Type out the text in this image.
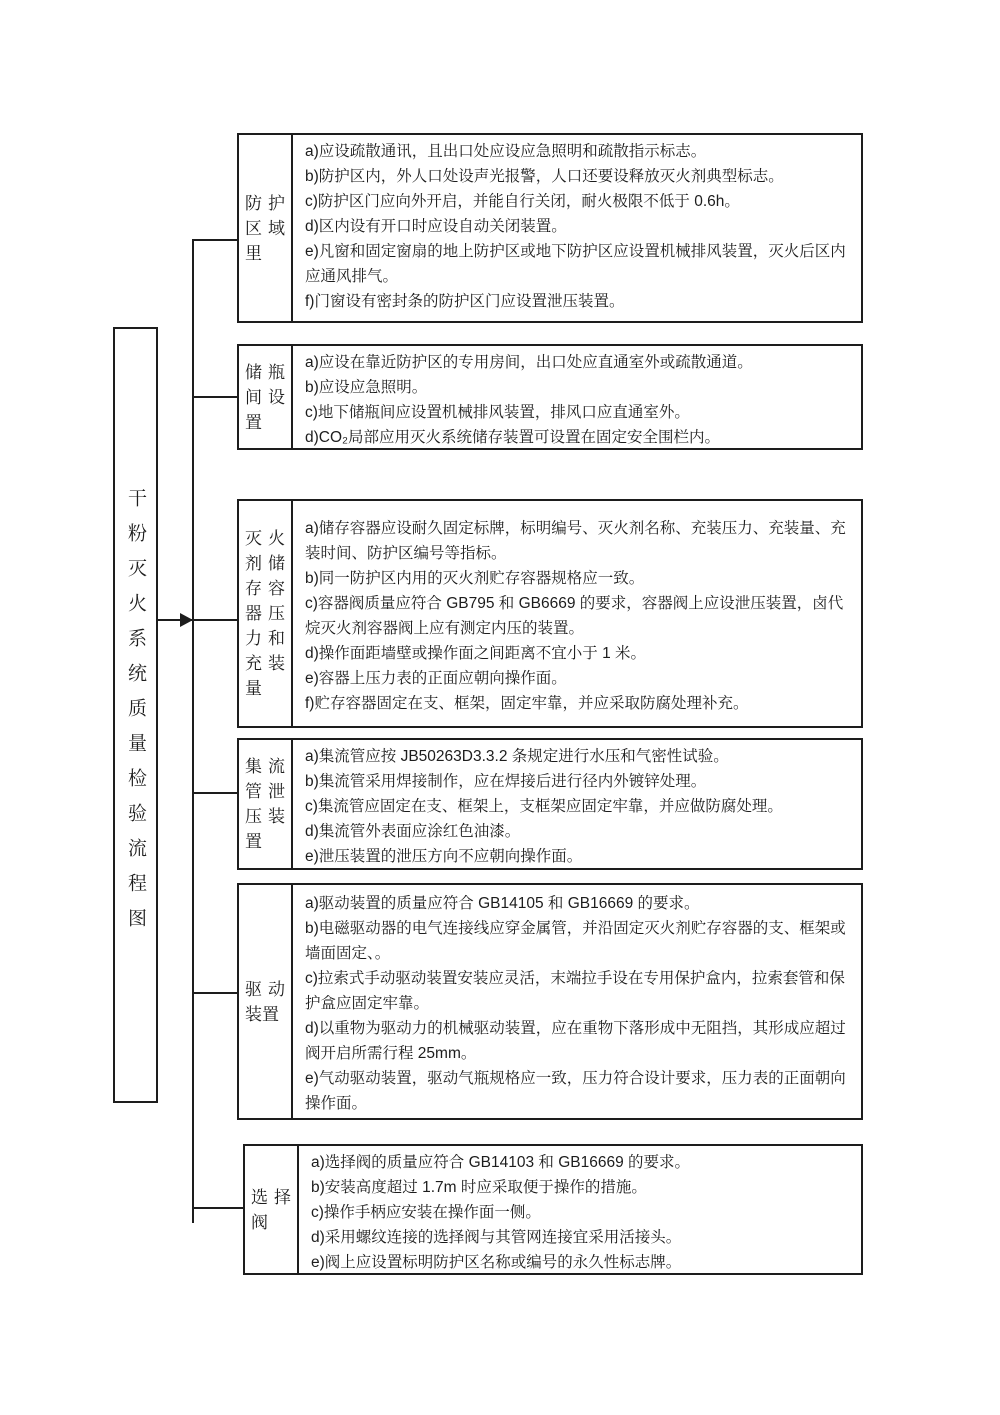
干粉灭火系统质量检验流程图
防护区域里
a)应设疏散通讯，且出口处应设应急照明和疏散指示标志。
b)防护区内，外人口处设声光报警，人口还要设释放灭火剂典型标志。
c)防护区门应向外开启，并能自行关闭，耐火极限不低于 0.6h。
d)区内设有开口时应设自动关闭装置。
e)凡窗和固定窗扇的地上防护区或地下防护区应设置机械排风装置，灭火后区内应通风排气。
f)门窗设有密封条的防护区门应设置泄压装置。
储瓶间设置
a)应设在靠近防护区的专用房间，出口处应直通室外或疏散通道。
b)应设应急照明。
c)地下储瓶间应设置机械排风装置，排风口应直通室外。
d)CO₂局部应用灭火系统储存装置可设置在固定安全围栏内。
灭火剂储存容器压力和充装量
a)储存容器应设耐久固定标牌，标明编号、灭火剂名称、充装压力、充装量、充装时间、防护区编号等指标。
b)同一防护区内用的灭火剂贮存容器规格应一致。
c)容器阀质量应符合 GB795 和 GB6669 的要求，容器阀上应设泄压装置，卤代烷灭火剂容器阀上应有测定内压的装置。
d)操作面距墙壁或操作面之间距离不宜小于 1 米。
e)容器上压力表的正面应朝向操作面。
f)贮存容器固定在支、框架，固定牢靠，并应采取防腐处理补充。
集流管泄压装置
a)集流管应按 JB50263D3.3.2 条规定进行水压和气密性试验。
b)集流管采用焊接制作，应在焊接后进行径内外镀锌处理。
c)集流管应固定在支、框架上，支框架应固定牢靠，并应做防腐处理。
d)集流管外表面应涂红色油漆。
e)泄压装置的泄压方向不应朝向操作面。
驱动装置
a)驱动装置的质量应符合 GB14105 和 GB16669 的要求。
b)电磁驱动器的电气连接线应穿金属管，并沿固定灭火剂贮存容器的支、框架或墙面固定、。
c)拉索式手动驱动装置安装应灵活，末端拉手设在专用保护盒内，拉索套管和保护盒应固定牢靠。
d)以重物为驱动力的机械驱动装置，应在重物下落形成中无阻挡，其形成应超过阀开启所需行程 25mm。
e)气动驱动装置，驱动气瓶规格应一致，压力符合设计要求，压力表的正面朝向操作面。
选择阀
a)选择阀的质量应符合 GB14103 和 GB16669 的要求。
b)安装高度超过 1.7m 时应采取便于操作的措施。
c)操作手柄应安装在操作面一侧。
d)采用螺纹连接的选择阀与其管网连接宜采用活接头。
e)阀上应设置标明防护区名称或编号的永久性标志牌。
